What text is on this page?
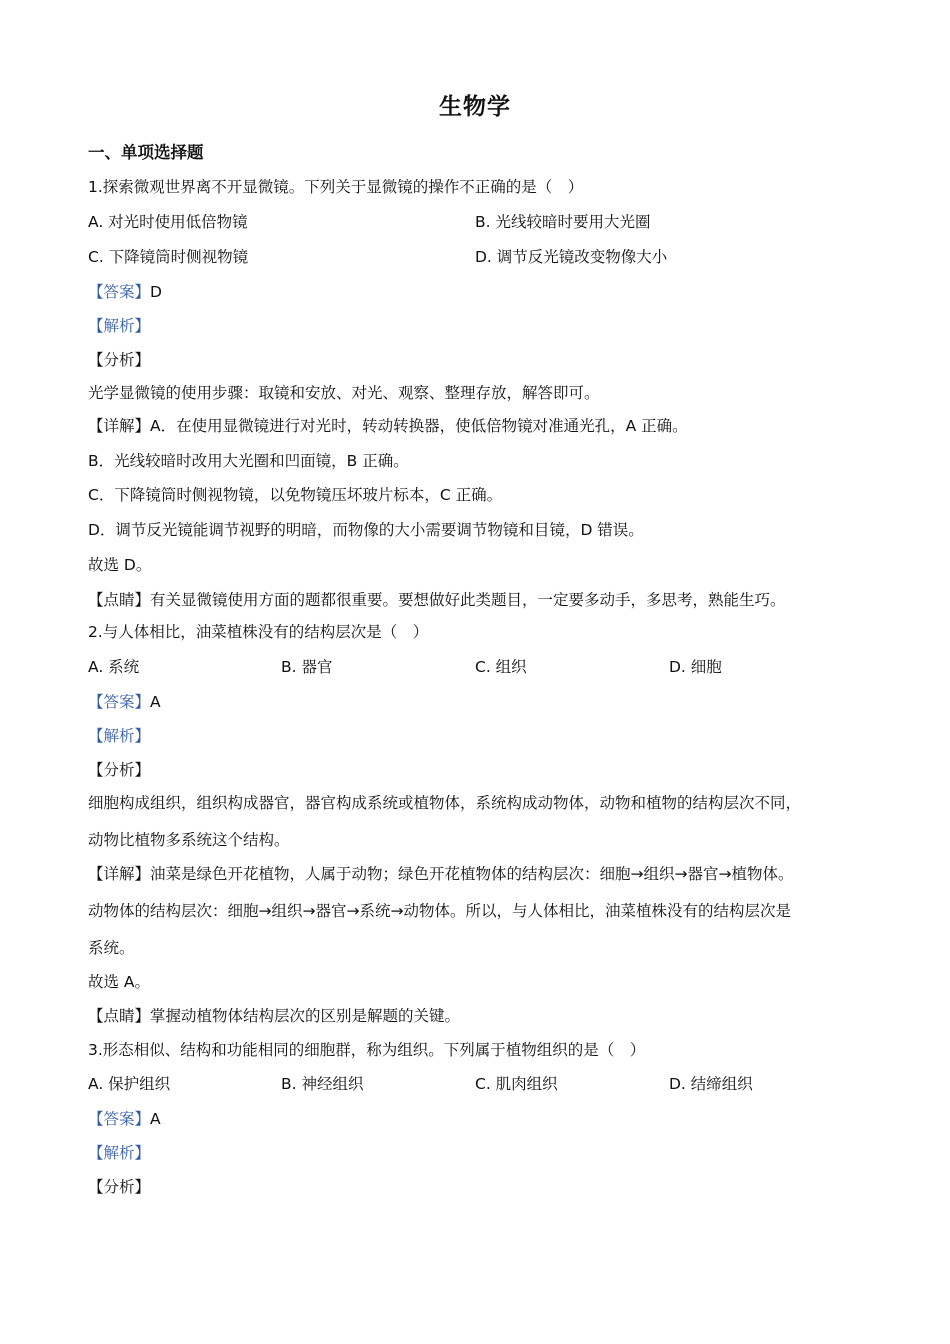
生物学
一、单项选择题
1.探索微观世界离不开显微镜。下列关于显微镜的操作不正确的是（　）
A. 对光时使用低倍物镜	B. 光线较暗时要用大光圈
C. 下降镜筒时侧视物镜	D. 调节反光镜改变物像大小
【答案】D
【解析】
【分析】
光学显微镜的使用步骤：取镜和安放、对光、观察、整理存放，解答即可。
【详解】A．在使用显微镜进行对光时，转动转换器，使低倍物镜对准通光孔，A 正确。
B．光线较暗时改用大光圈和凹面镜，B 正确。
C．下降镜筒时侧视物镜，以免物镜压坏玻片标本，C 正确。
D．调节反光镜能调节视野的明暗，而物像的大小需要调节物镜和目镜，D 错误。
故选 D。
【点睛】有关显微镜使用方面的题都很重要。要想做好此类题目，一定要多动手，多思考，熟能生巧。
2.与人体相比，油菜植株没有的结构层次是（　）
A. 系统	B. 器官	C. 组织	D. 细胞
【答案】A
【解析】
【分析】
细胞构成组织，组织构成器官，器官构成系统或植物体，系统构成动物体，动物和植物的结构层次不同，
动物比植物多系统这个结构。
【详解】油菜是绿色开花植物，人属于动物；绿色开花植物体的结构层次：细胞→组织→器官→植物体。
动物体的结构层次：细胞→组织→器官→系统→动物体。所以，与人体相比，油菜植株没有的结构层次是
系统。
故选 A。
【点睛】掌握动植物体结构层次的区别是解题的关键。
3.形态相似、结构和功能相同的细胞群，称为组织。下列属于植物组织的是（　）
A. 保护组织	B. 神经组织	C. 肌肉组织	D. 结缔组织
【答案】A
【解析】
【分析】
